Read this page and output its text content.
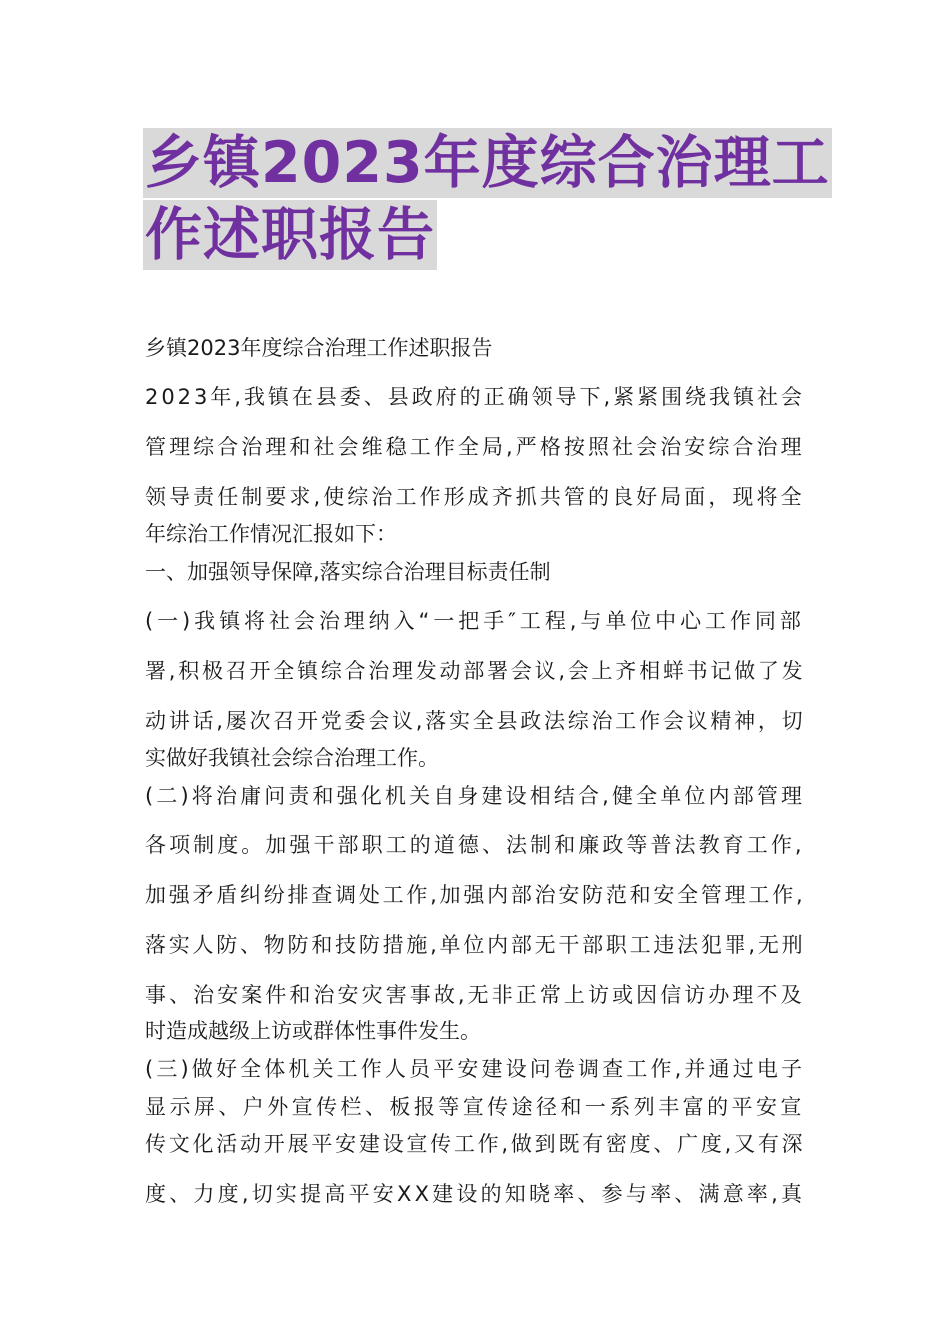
乡镇2023年度综合治理工
作述职报告
乡镇2023年度综合治理工作述职报告
2023年,我镇在县委、县政府的正确领导下,紧紧围绕我镇社会
管理综合治理和社会维稳工作全局,严格按照社会治安综合治理
领导责任制要求,使综治工作形成齐抓共管的良好局面，现将全
年综治工作情况汇报如下：
一、加强领导保障,落实综合治理目标责任制
(一)我镇将社会治理纳入“一把手″工程,与单位中心工作同部
署,积极召开全镇综合治理发动部署会议,会上齐相蛘书记做了发
动讲话,屡次召开党委会议,落实全县政法综治工作会议精神，切
实做好我镇社会综合治理工作。
(二)将治庸问责和强化机关自身建设相结合,健全单位内部管理
各项制度。加强干部职工的道德、法制和廉政等普法教育工作,
加强矛盾纠纷排查调处工作,加强内部治安防范和安全管理工作,
落实人防、物防和技防措施,单位内部无干部职工违法犯罪,无刑
事、治安案件和治安灾害事故,无非正常上访或因信访办理不及
时造成越级上访或群体性事件发生。
(三)做好全体机关工作人员平安建设问卷调查工作,并通过电子
显示屏、户外宣传栏、板报等宣传途径和一系列丰富的平安宣
传文化活动开展平安建设宣传工作,做到既有密度、广度,又有深
度、力度,切实提高平安XX建设的知晓率、参与率、满意率,真
